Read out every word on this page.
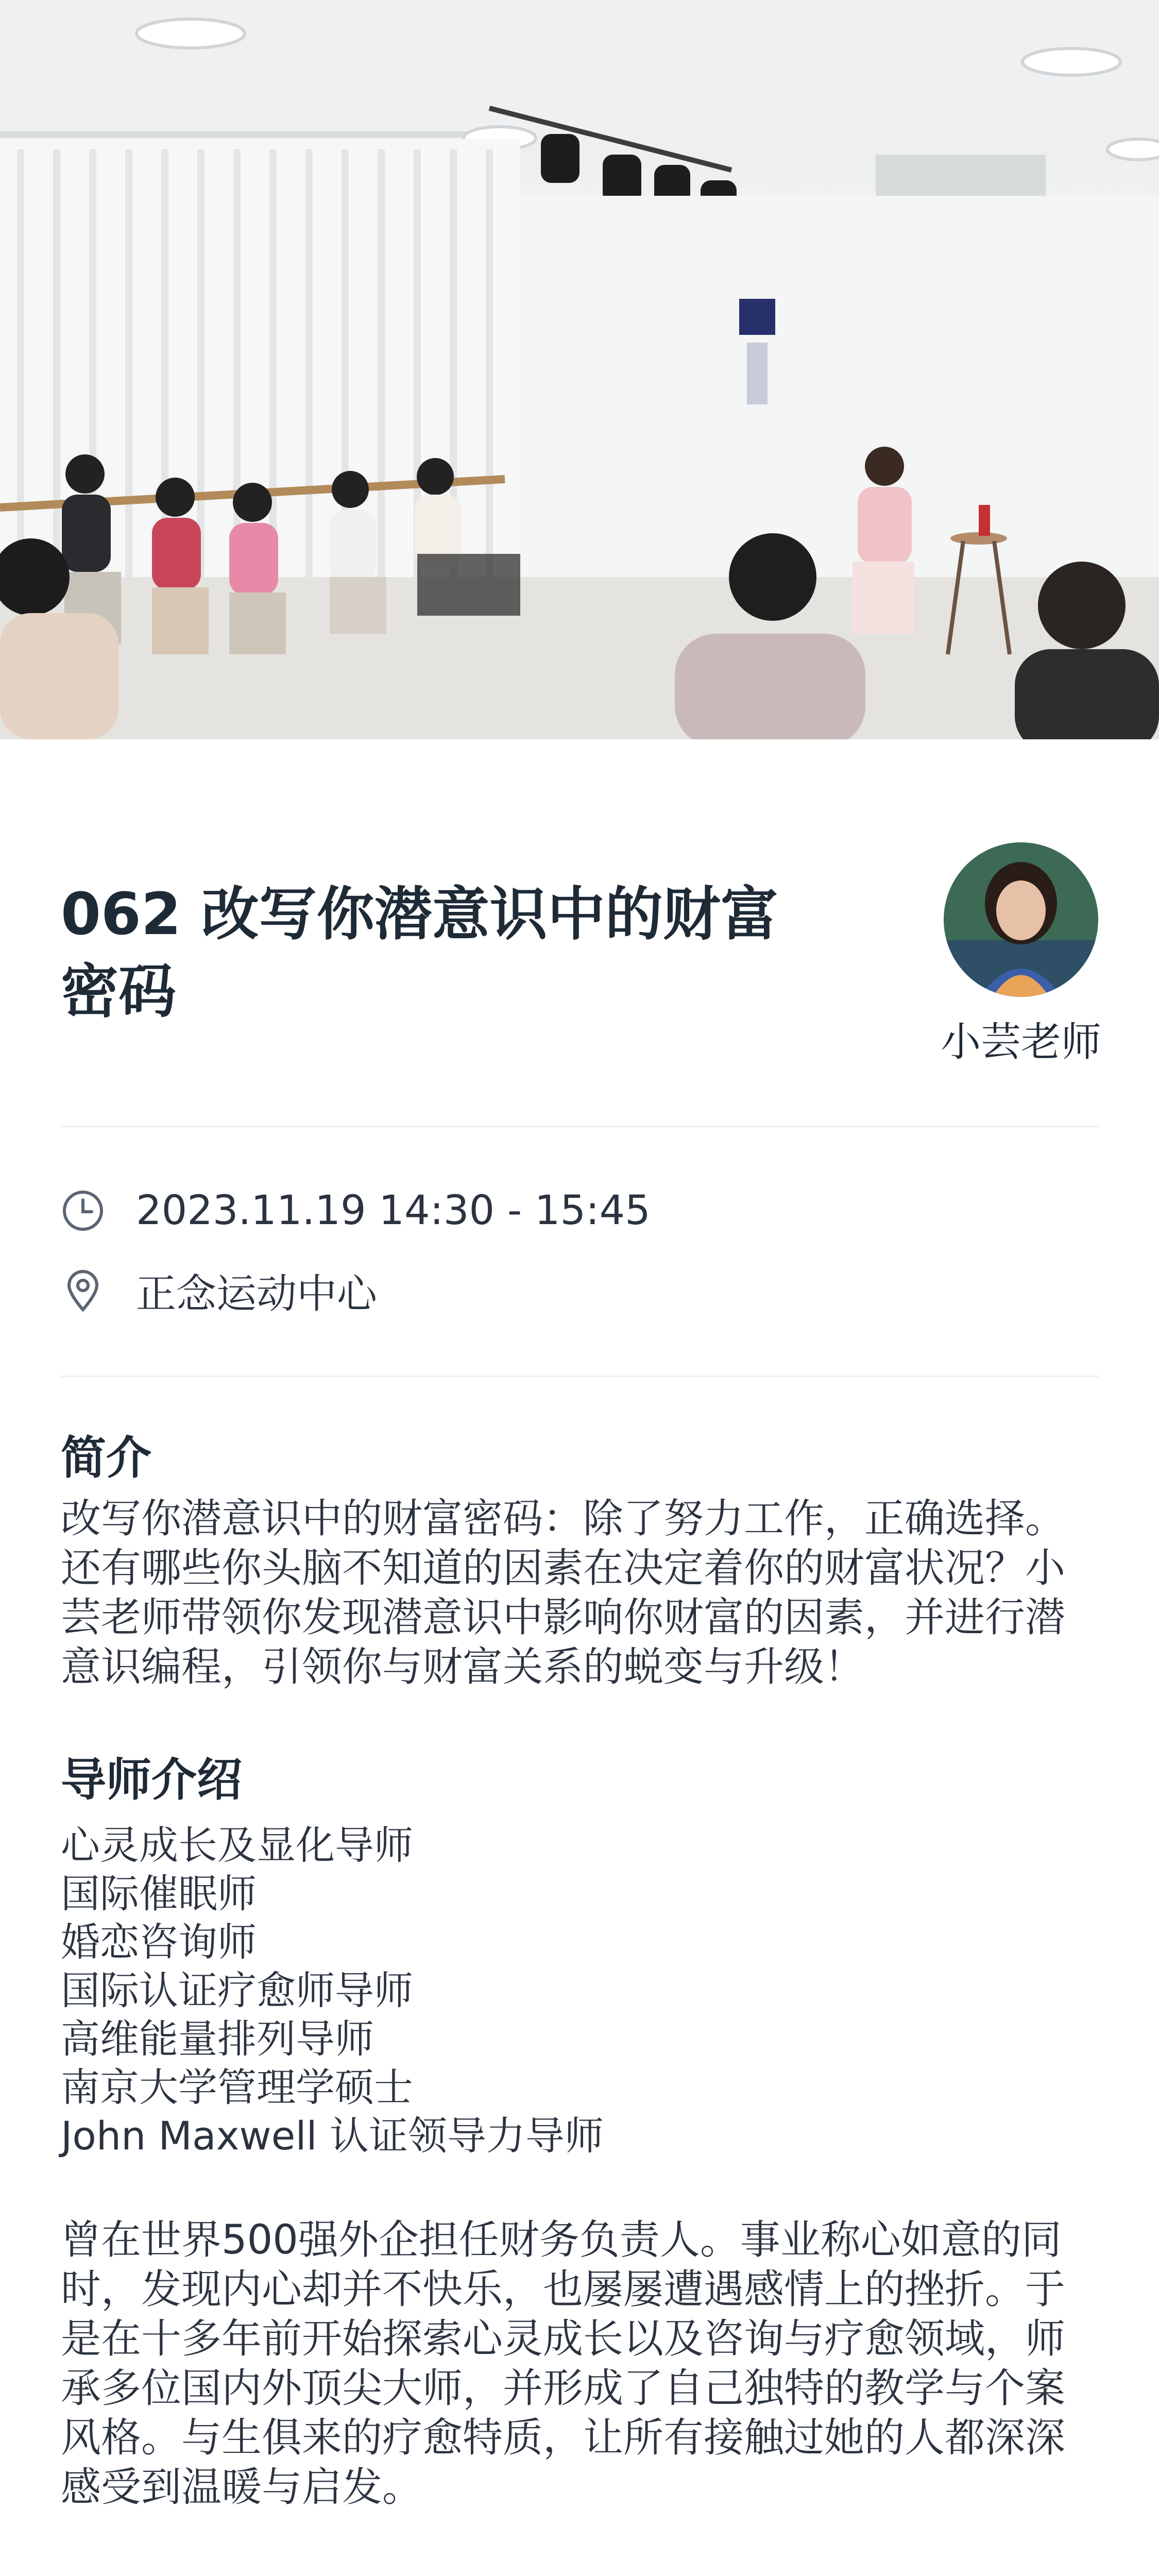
062 改写你潜意识中的财富密码
小芸老师
2023.11.19 14:30 - 15:45
正念运动中心
简介
改写你潜意识中的财富密码：除了努力工作，正确选择。还有哪些你头脑不知道的因素在决定着你的财富状况？小芸老师带领你发现潜意识中影响你财富的因素，并进行潜意识编程，引领你与财富关系的蜕变与升级！
导师介绍
心灵成长及显化导师
国际催眠师
婚恋咨询师
国际认证疗愈师导师
高维能量排列导师
南京大学管理学硕士
John Maxwell 认证领导力导师
曾在世界500强外企担任财务负责人。事业称心如意的同时，发现内心却并不快乐，也屡屡遭遇感情上的挫折。于是在十多年前开始探索心灵成长以及咨询与疗愈领域，师承多位国内外顶尖大师，并形成了自己独特的教学与个案风格。与生俱来的疗愈特质，让所有接触过她的人都深深感受到温暖与启发。
